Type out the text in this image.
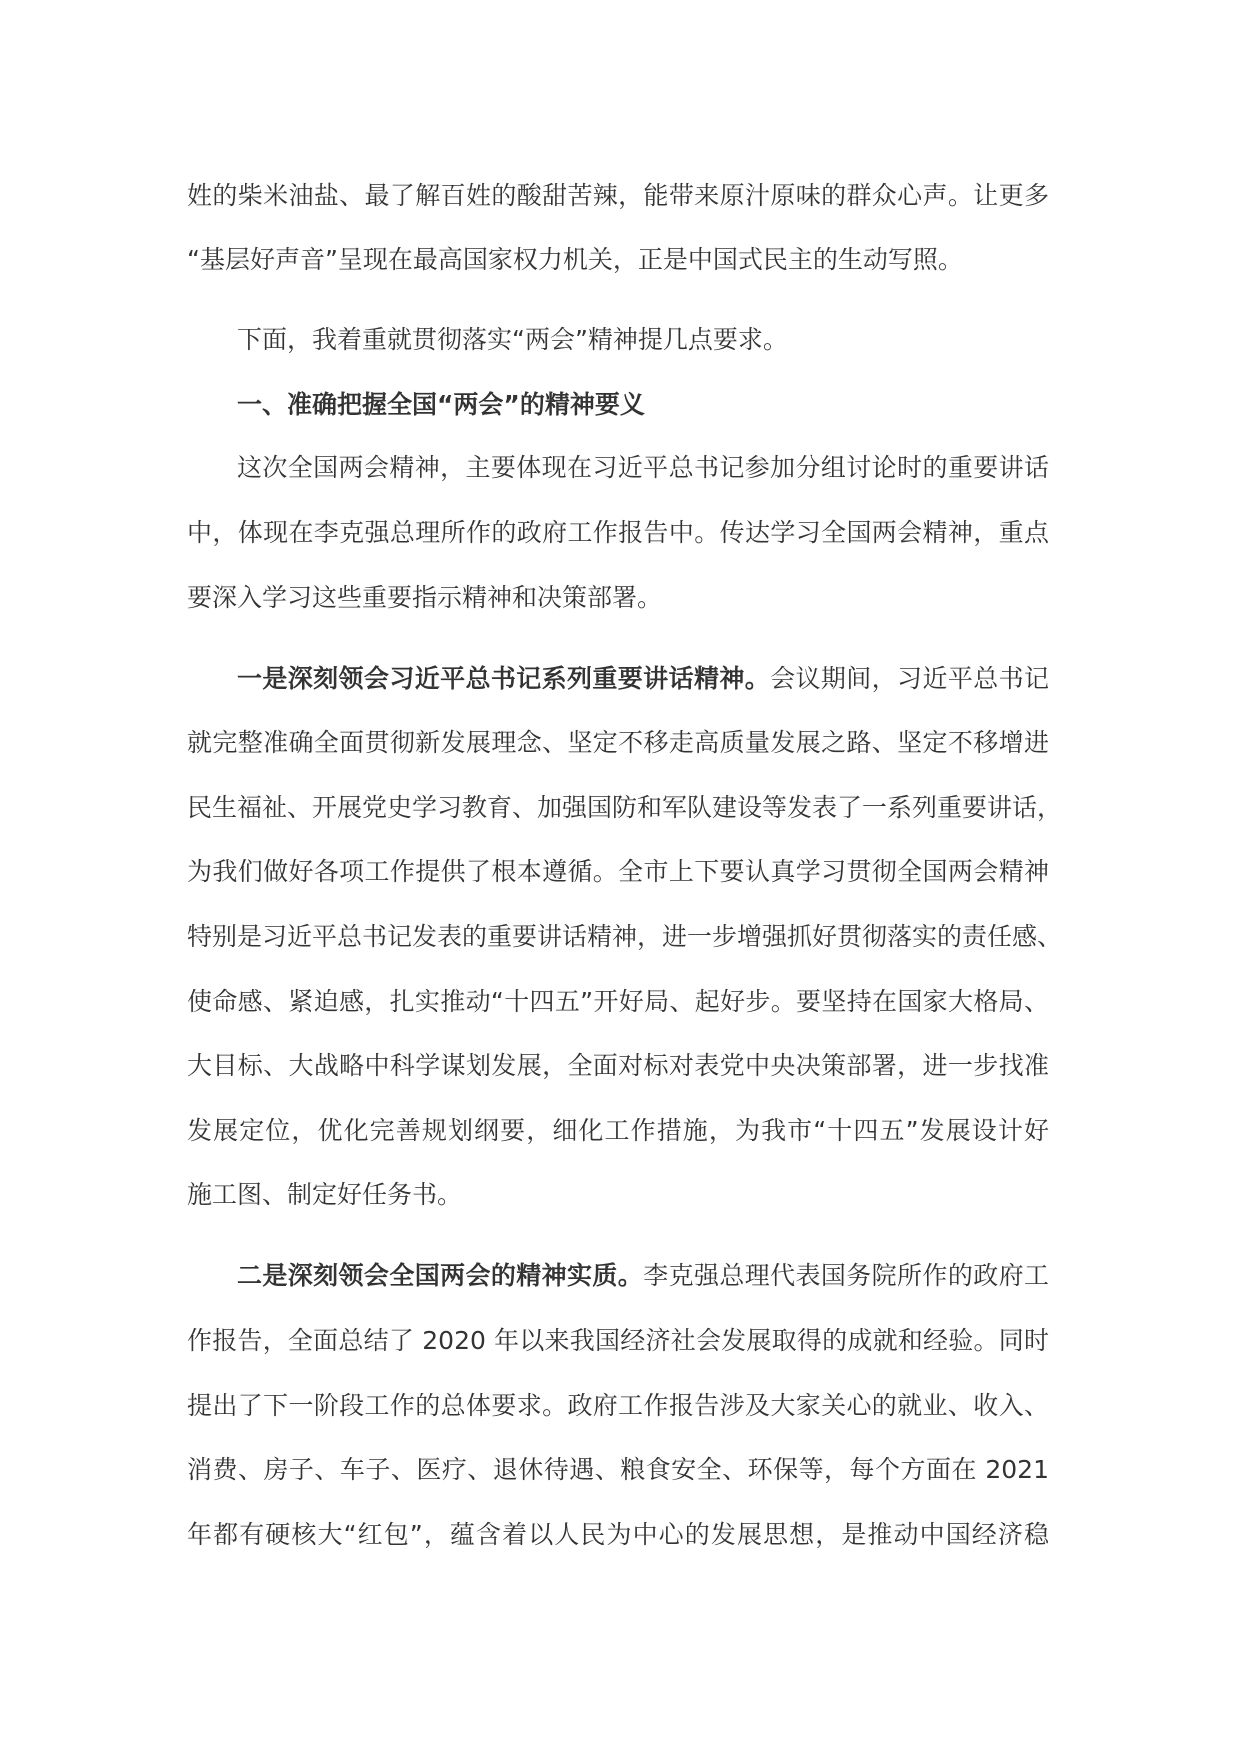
姓的柴米油盐、最了解百姓的酸甜苦辣，能带来原汁原味的群众心声。让更多
“基层好声音”呈现在最高国家权力机关，正是中国式民主的生动写照。
下面，我着重就贯彻落实“两会”精神提几点要求。
一、准确把握全国“两会”的精神要义
这次全国两会精神，主要体现在习近平总书记参加分组讨论时的重要讲话
中，体现在李克强总理所作的政府工作报告中。传达学习全国两会精神，重点
要深入学习这些重要指示精神和决策部署。
一是深刻领会习近平总书记系列重要讲话精神。会议期间，习近平总书记
就完整准确全面贯彻新发展理念、坚定不移走高质量发展之路、坚定不移增进
民生福祉、开展党史学习教育、加强国防和军队建设等发表了一系列重要讲话，
为我们做好各项工作提供了根本遵循。全市上下要认真学习贯彻全国两会精神
特别是习近平总书记发表的重要讲话精神，进一步增强抓好贯彻落实的责任感、
使命感、紧迫感，扎实推动“十四五”开好局、起好步。要坚持在国家大格局、
大目标、大战略中科学谋划发展，全面对标对表党中央决策部署，进一步找准
发展定位，优化完善规划纲要，细化工作措施，为我市“十四五”发展设计好
施工图、制定好任务书。
二是深刻领会全国两会的精神实质。李克强总理代表国务院所作的政府工
作报告，全面总结了 2020 年以来我国经济社会发展取得的成就和经验。同时
提出了下一阶段工作的总体要求。政府工作报告涉及大家关心的就业、收入、
消费、房子、车子、医疗、退休待遇、粮食安全、环保等，每个方面在 2021
年都有硬核大“红包”，蕴含着以人民为中心的发展思想，是推动中国经济稳
